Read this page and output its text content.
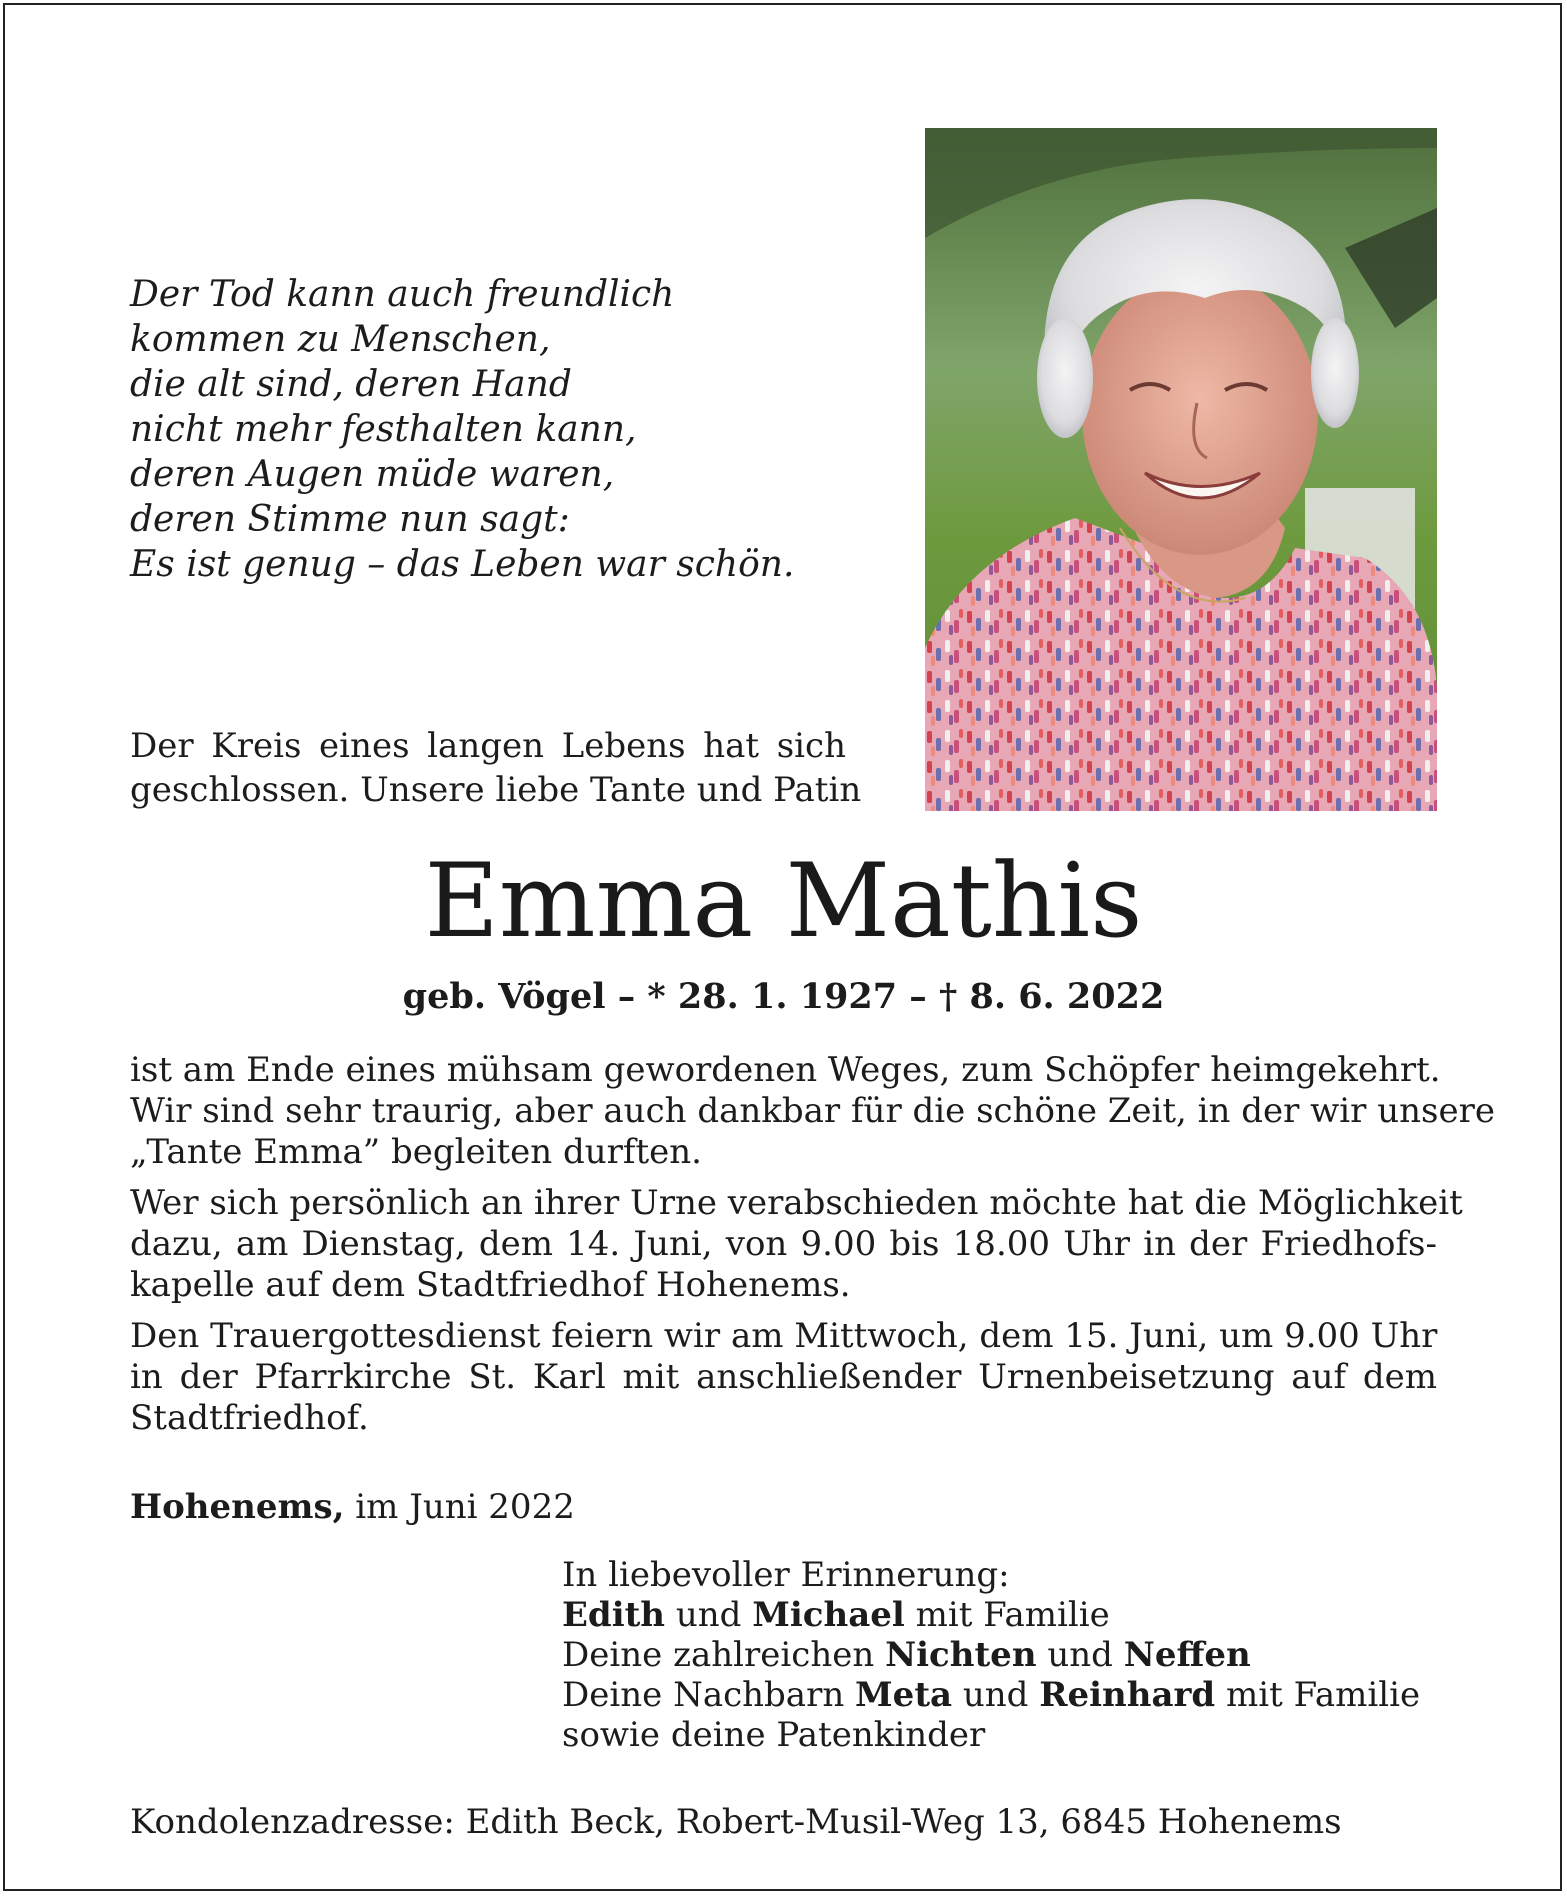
Der Tod kann auch freundlich
kommen zu Menschen,
die alt sind, deren Hand
nicht mehr festhalten kann,
deren Augen müde waren,
deren Stimme nun sagt:
Es ist genug – das Leben war schön.
Der Kreis eines langen Lebens hat sich
geschlossen. Unsere liebe Tante und Patin
Emma Mathis
geb. Vögel – * 28. 1. 1927 – † 8. 6. 2022
ist am Ende eines mühsam gewordenen Weges, zum Schöpfer heimgekehrt.
Wir sind sehr traurig, aber auch dankbar für die schöne Zeit, in der wir unsere
„Tante Emma” begleiten durften.
Wer sich persönlich an ihrer Urne verabschieden möchte hat die Möglichkeit
dazu, am Dienstag, dem 14. Juni, von 9.00 bis 18.00 Uhr in der Friedhofs-
kapelle auf dem Stadtfriedhof Hohenems.
Den Trauergottesdienst feiern wir am Mittwoch, dem 15. Juni, um 9.00 Uhr
in der Pfarrkirche St. Karl mit anschließender Urnenbeisetzung auf dem
Stadtfriedhof.
Hohenems, im Juni 2022
In liebevoller Erinnerung:
Edith und Michael mit Familie
Deine zahlreichen Nichten und Neffen
Deine Nachbarn Meta und Reinhard mit Familie
sowie deine Patenkinder
Kondolenzadresse: Edith Beck, Robert-Musil-Weg 13, 6845 Hohenems
